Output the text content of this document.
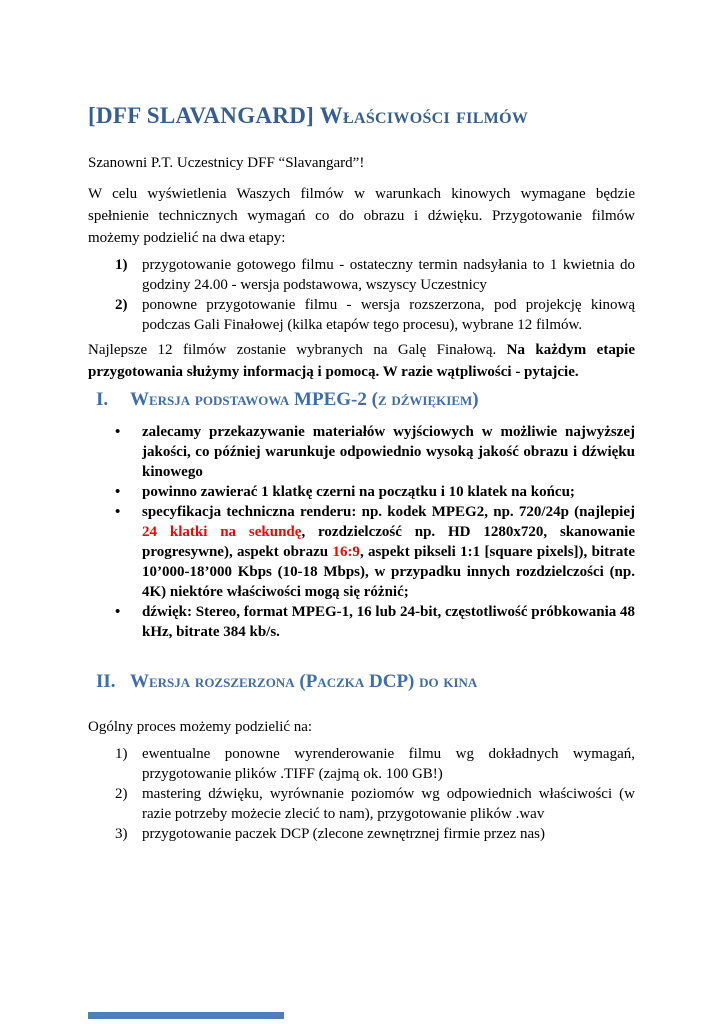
[DFF SLAVANGARD] Właściwości filmów

Szanowni P.T. Uczestnicy DFF “Slavangard”!

W celu wyświetlenia Waszych filmów w warunkach kinowych wymagane będzie spełnienie technicznych wymagań co do obrazu i dźwięku. Przygotowanie filmów możemy podzielić na dwa etapy:

1) przygotowanie gotowego filmu - ostateczny termin nadsyłania to 1 kwietnia do godziny 24.00 - wersja podstawowa, wszyscy Uczestnicy
2) ponowne przygotowanie filmu - wersja rozszerzona, pod projekcję kinową podczas Gali Finałowej (kilka etapów tego procesu), wybrane 12 filmów.

Najlepsze 12 filmów zostanie wybranych na Galę Finałową. Na każdym etapie przygotowania służymy informacją i pomocą. W razie wątpliwości - pytajcie.

I.	Wersja podstawowa MPEG-2 (z dźwiękiem)
• zalecamy przekazywanie materiałów wyjściowych w możliwie najwyższej jakości, co później warunkuje odpowiednio wysoką jakość obrazu i dźwięku kinowego
• powinno zawierać 1 klatkę czerni na początku i 10 klatek na końcu;
• specyfikacja techniczna renderu: np. kodek MPEG2, np. 720/24p (najlepiej 24 klatki na sekundę, rozdzielczość np. HD 1280x720, skanowanie progresywne), aspekt obrazu 16:9, aspekt pikseli 1:1 [square pixels]), bitrate 10’000-18’000 Kbps (10-18 Mbps), w przypadku innych rozdzielczości (np. 4K) niektóre właściwości mogą się różnić;
• dźwięk: Stereo, format MPEG-1, 16 lub 24-bit, częstotliwość próbkowania 48 kHz, bitrate 384 kb/s.
II. Wersja rozszerzona (Paczka DCP) do kina

Ogólny proces możemy podzielić na:

1) ewentualne ponowne wyrenderowanie filmu wg dokładnych wymagań, przygotowanie plików .TIFF (zajmą ok. 100 GB!)
2) mastering dźwięku, wyrównanie poziomów wg odpowiednich właściwości (w razie potrzeby możecie zlecić to nam), przygotowanie plików .wav
3) przygotowanie paczek DCP (zlecone zewnętrznej firmie przez nas)
